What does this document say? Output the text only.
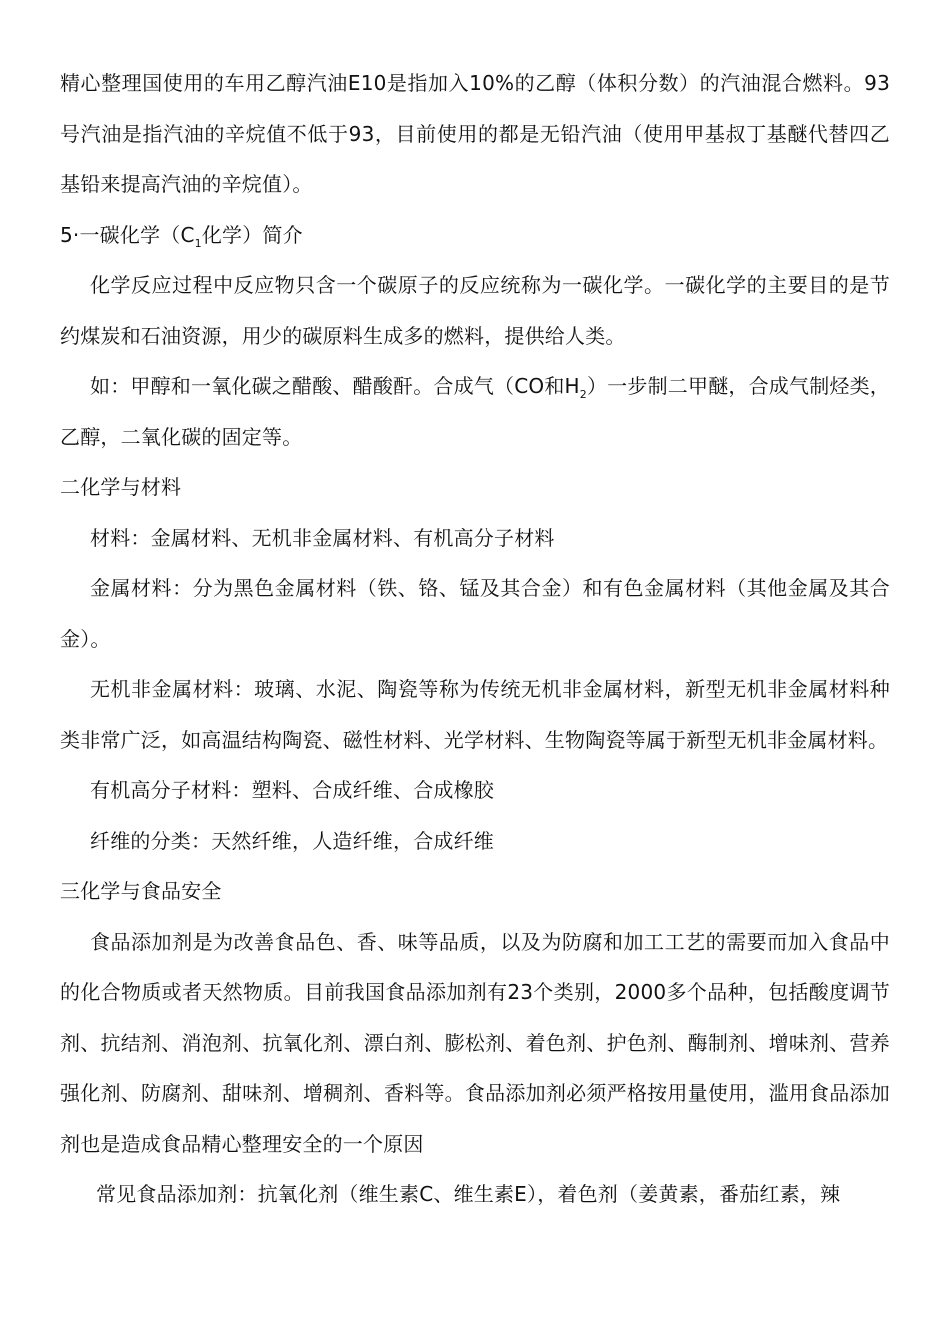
精心整理国使用的车用乙醇汽油E10是指加入10%的乙醇（体积分数）的汽油混合燃料。93号汽油是指汽油的辛烷值不低于93，目前使用的都是无铅汽油（使用甲基叔丁基醚代替四乙基铅来提高汽油的辛烷值）。

5·一碳化学（$C_1$化学）简介

化学反应过程中反应物只含一个碳原子的反应统称为一碳化学。一碳化学的主要目的是节约煤炭和石油资源，用少的碳原料生成多的燃料，提供给人类。

如：甲醇和一氧化碳之醋酸、醋酸酐。合成气（CO和$H_2$）一步制二甲醚，合成气制烃类，乙醇，二氧化碳的固定等。

二化学与材料

材料：金属材料、无机非金属材料、有机高分子材料

金属材料：分为黑色金属材料（铁、铬、锰及其合金）和有色金属材料（其他金属及其合金）。

无机非金属材料：玻璃、水泥、陶瓷等称为传统无机非金属材料，新型无机非金属材料种类非常广泛，如高温结构陶瓷、磁性材料、光学材料、生物陶瓷等属于新型无机非金属材料。

有机高分子材料：塑料、合成纤维、合成橡胶

纤维的分类：天然纤维，人造纤维，合成纤维

三化学与食品安全

食品添加剂是为改善食品色、香、味等品质，以及为防腐和加工工艺的需要而加入食品中的化合物质或者天然物质。目前我国食品添加剂有23个类别，2000多个品种，包括酸度调节剂、抗结剂、消泡剂、抗氧化剂、漂白剂、膨松剂、着色剂、护色剂、酶制剂、增味剂、营养强化剂、防腐剂、甜味剂、增稠剂、香料等。食品添加剂必须严格按用量使用，滥用食品添加剂也是造成食品精心整理安全的一个原因

常见食品添加剂：抗氧化剂（维生素C、维生素E），着色剂（姜黄素，番茄红素，辣
